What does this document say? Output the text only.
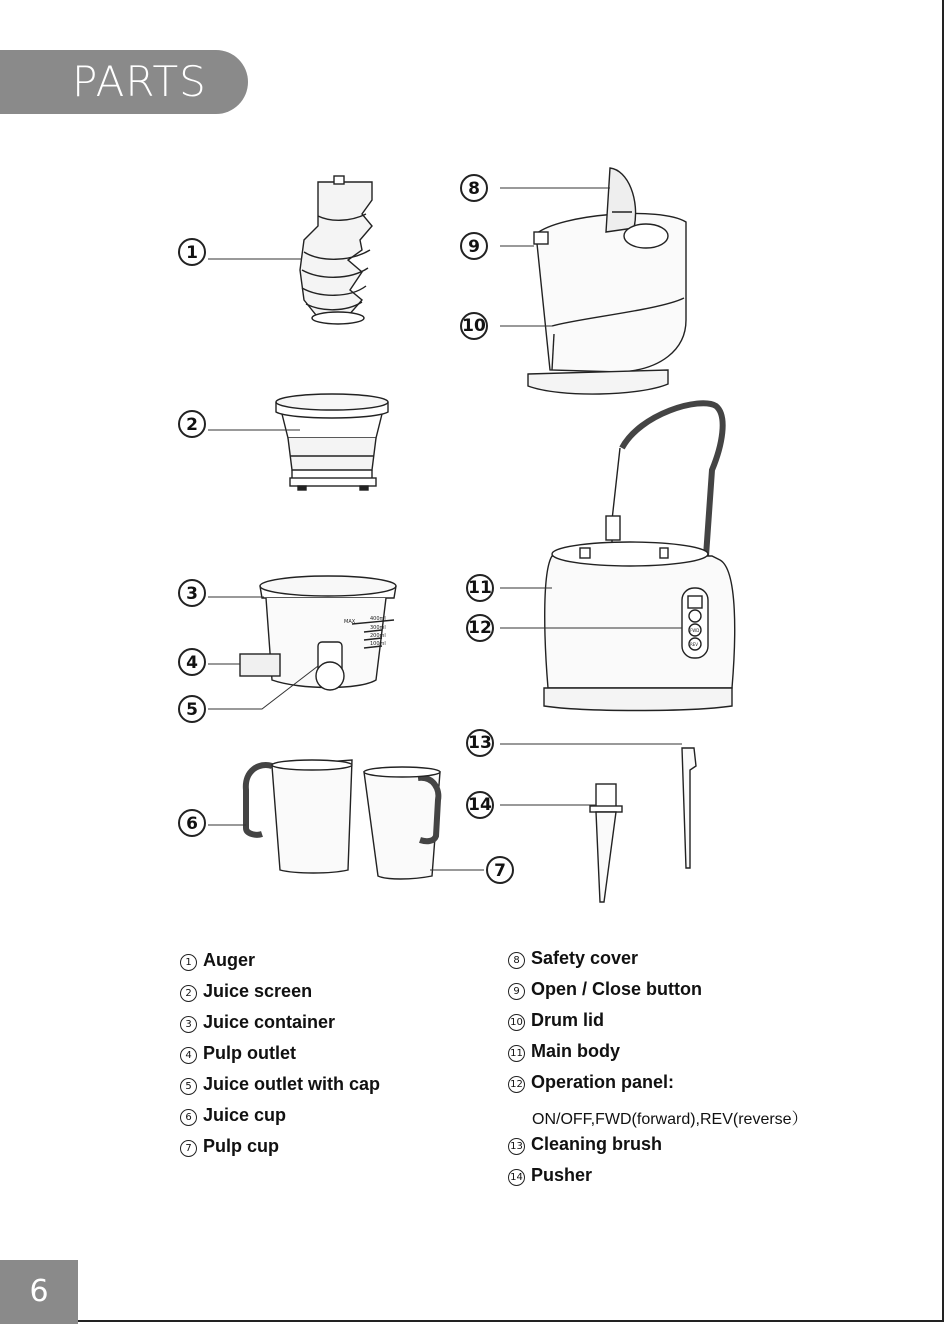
PARTS
1
2
3
4
5
6
7
8
9
10
11
12
13
14
MAX	400ml
300ml
200ml
100ml
FWD
REV
1 Auger
2 Juice screen
3 Juice container
4 Pulp outlet
5 Juice outlet with cap
6 Juice cup
7 Pulp cup
8 Safety cover
9 Open / Close button
10 Drum lid
11 Main body
12 Operation panel:
13 Cleaning brush
14 Pusher
ON/OFF,FWD(forward),REV(reverse）
6
